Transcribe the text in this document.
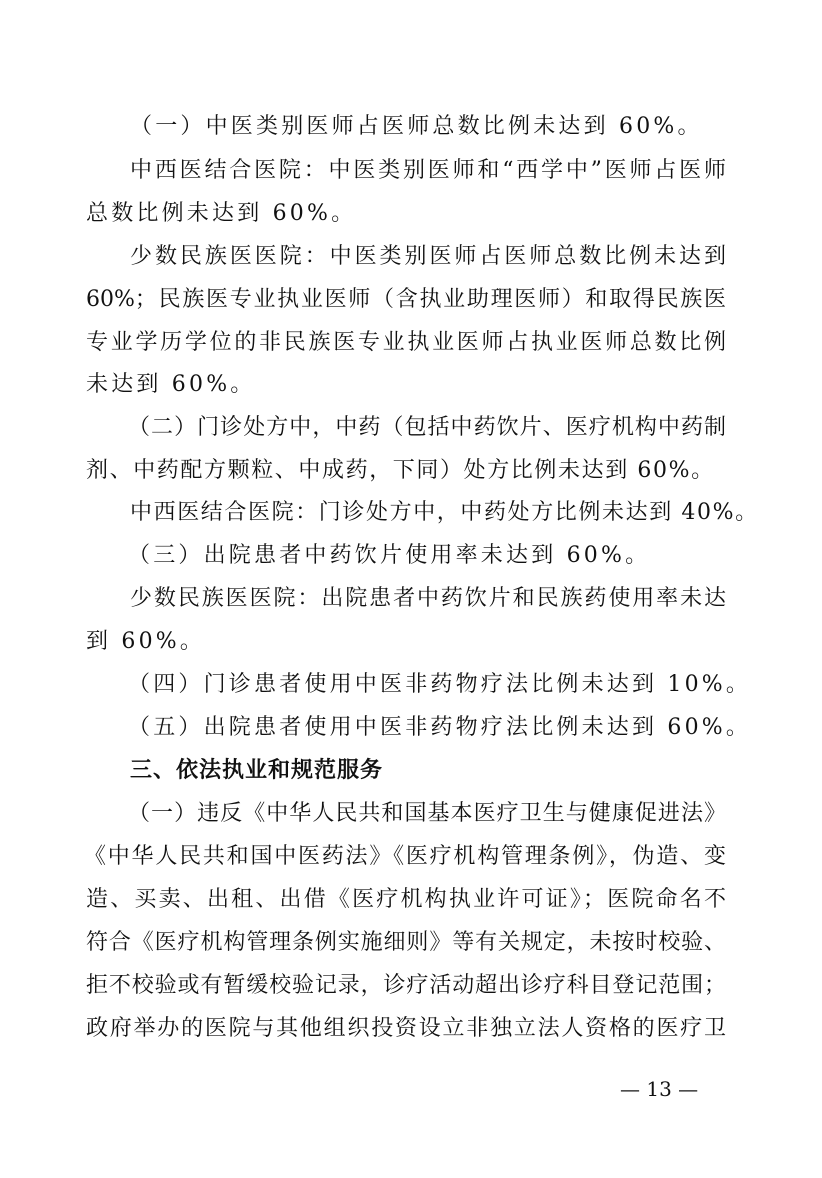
（一）中医类别医师占医师总数比例未达到 60%。
中西医结合医院：中医类别医师和“西学中”医师占医师
总数比例未达到 60%。
少数民族医医院：中医类别医师占医师总数比例未达到
60%；民族医专业执业医师（含执业助理医师）和取得民族医
专业学历学位的非民族医专业执业医师占执业医师总数比例
未达到 60%。
（二）门诊处方中，中药（包括中药饮片、医疗机构中药制
剂、中药配方颗粒、中成药，下同）处方比例未达到 60%。
中西医结合医院：门诊处方中，中药处方比例未达到 40%。
（三）出院患者中药饮片使用率未达到 60%。
少数民族医医院：出院患者中药饮片和民族药使用率未达
到 60%。
（四）门诊患者使用中医非药物疗法比例未达到 10%。
（五）出院患者使用中医非药物疗法比例未达到 60%。
三、依法执业和规范服务
（一）违反《中华人民共和国基本医疗卫生与健康促进法》
《中华人民共和国中医药法》《医疗机构管理条例》，伪造、变
造、买卖、出租、出借《医疗机构执业许可证》；医院命名不
符合《医疗机构管理条例实施细则》等有关规定，未按时校验、
拒不校验或有暂缓校验记录，诊疗活动超出诊疗科目登记范围；
政府举办的医院与其他组织投资设立非独立法人资格的医疗卫
— 13 —
